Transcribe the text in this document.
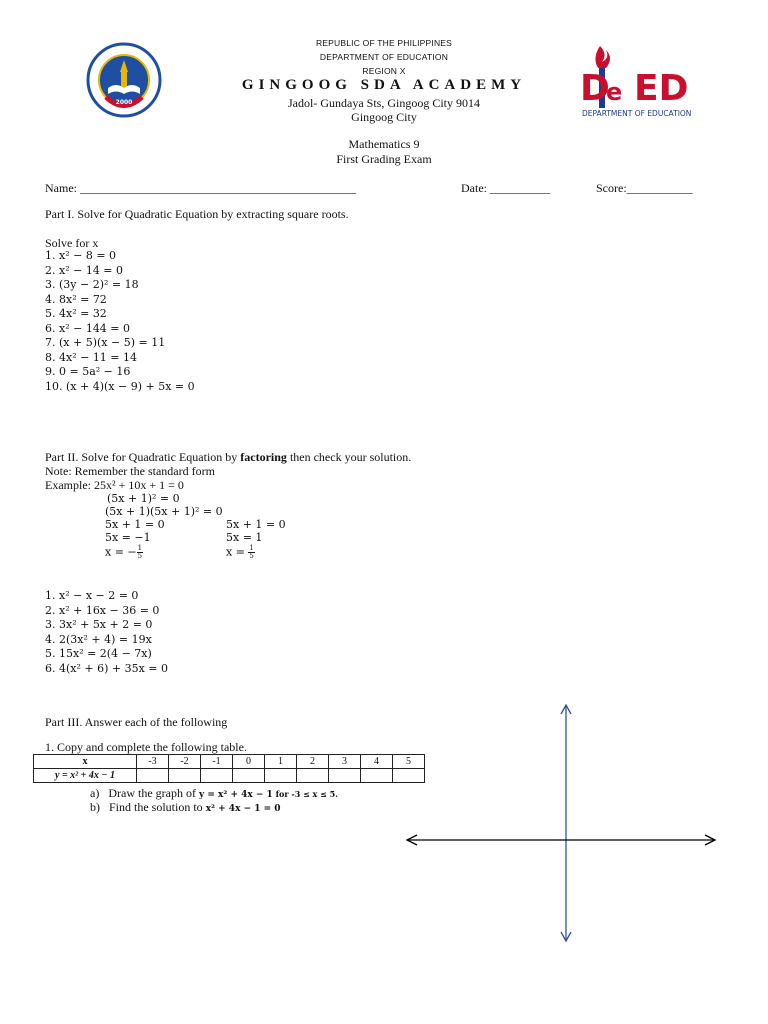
REPUBLIC OF THE PHILIPPINES
DEPARTMENT OF EDUCATION
REGION X
GINGOOG SDA ACADEMY
Jadol- Gundaya Sts, Gingoog City 9014
Gingoog City
Mathematics 9
First Grading Exam
2000	D
e ED
DEPARTMENT OF EDUCATION
Name: ______________________________________________	Date: __________	Score:___________
Part I. Solve for Quadratic Equation by extracting square roots.
Solve for x
1. x² − 8 = 0
2. x² − 14 = 0
3. (3y − 2)² = 18
4. 8x² = 72
5. 4x² = 32
6. x² − 144 = 0
7. (x + 5)(x − 5) = 11
8. 4x² − 11 = 14
9. 0 = 5a² − 16
10. (x + 4)(x − 9) + 5x = 0
Part II. Solve for Quadratic Equation by factoring then check your solution.
Note: Remember the standard form
Example: 25x² + 10x + 1 = 0
(5x + 1)² = 0
(5x + 1)(5x + 1)² = 0
5x + 1 = 0	5x + 1 = 0
5x = −1	5x = 1
x = − $\frac{1}{5}$	$x = \frac{1}{5}$
1. x² − x − 2 = 0
2. x² + 16x − 36 = 0
3. 3x² + 5x + 2 = 0
4. 2(3x² + 4) = 19x
5. 15x² = 2(4 − 7x)
6. 4(x² + 6) + 35x = 0
Part III. Answer each of the following
1. Copy and complete the following table.
x	-3	-2	-1	0	1	2	3	4	5
y = x² + 4x − 1									
a) Draw the graph of y = x² + 4x − 1 for -3 ≤ x ≤ 5.
b) Find the solution to x² + 4x − 1 = 0
